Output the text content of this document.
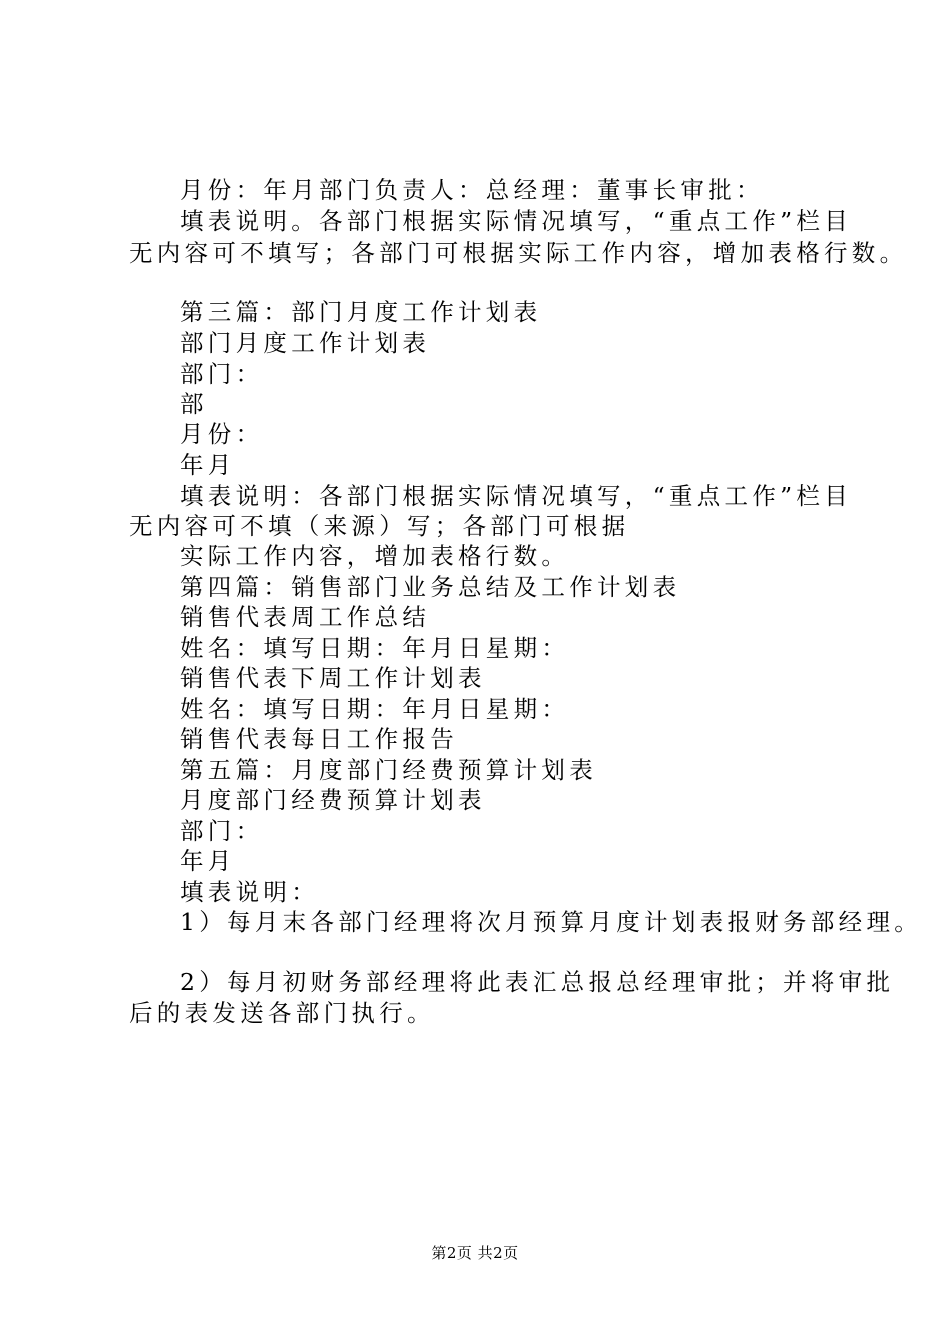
月份：年月部门负责人：总经理：董事长审批：
填表说明。各部门根据实际情况填写，“重点工作”栏目
无内容可不填写；各部门可根据实际工作内容，增加表格行数。
第三篇：部门月度工作计划表
部门月度工作计划表
部门：
部
月份：
年月
填表说明：各部门根据实际情况填写，“重点工作”栏目
无内容可不填（来源）写；各部门可根据
实际工作内容，增加表格行数。
第四篇：销售部门业务总结及工作计划表
销售代表周工作总结
姓名：填写日期：年月日星期：
销售代表下周工作计划表
姓名：填写日期：年月日星期：
销售代表每日工作报告
第五篇：月度部门经费预算计划表
月度部门经费预算计划表
部门：
年月
填表说明：
1）每月末各部门经理将次月预算月度计划表报财务部经理。
2）每月初财务部经理将此表汇总报总经理审批；并将审批
后的表发送各部门执行。
第2页 共2页
